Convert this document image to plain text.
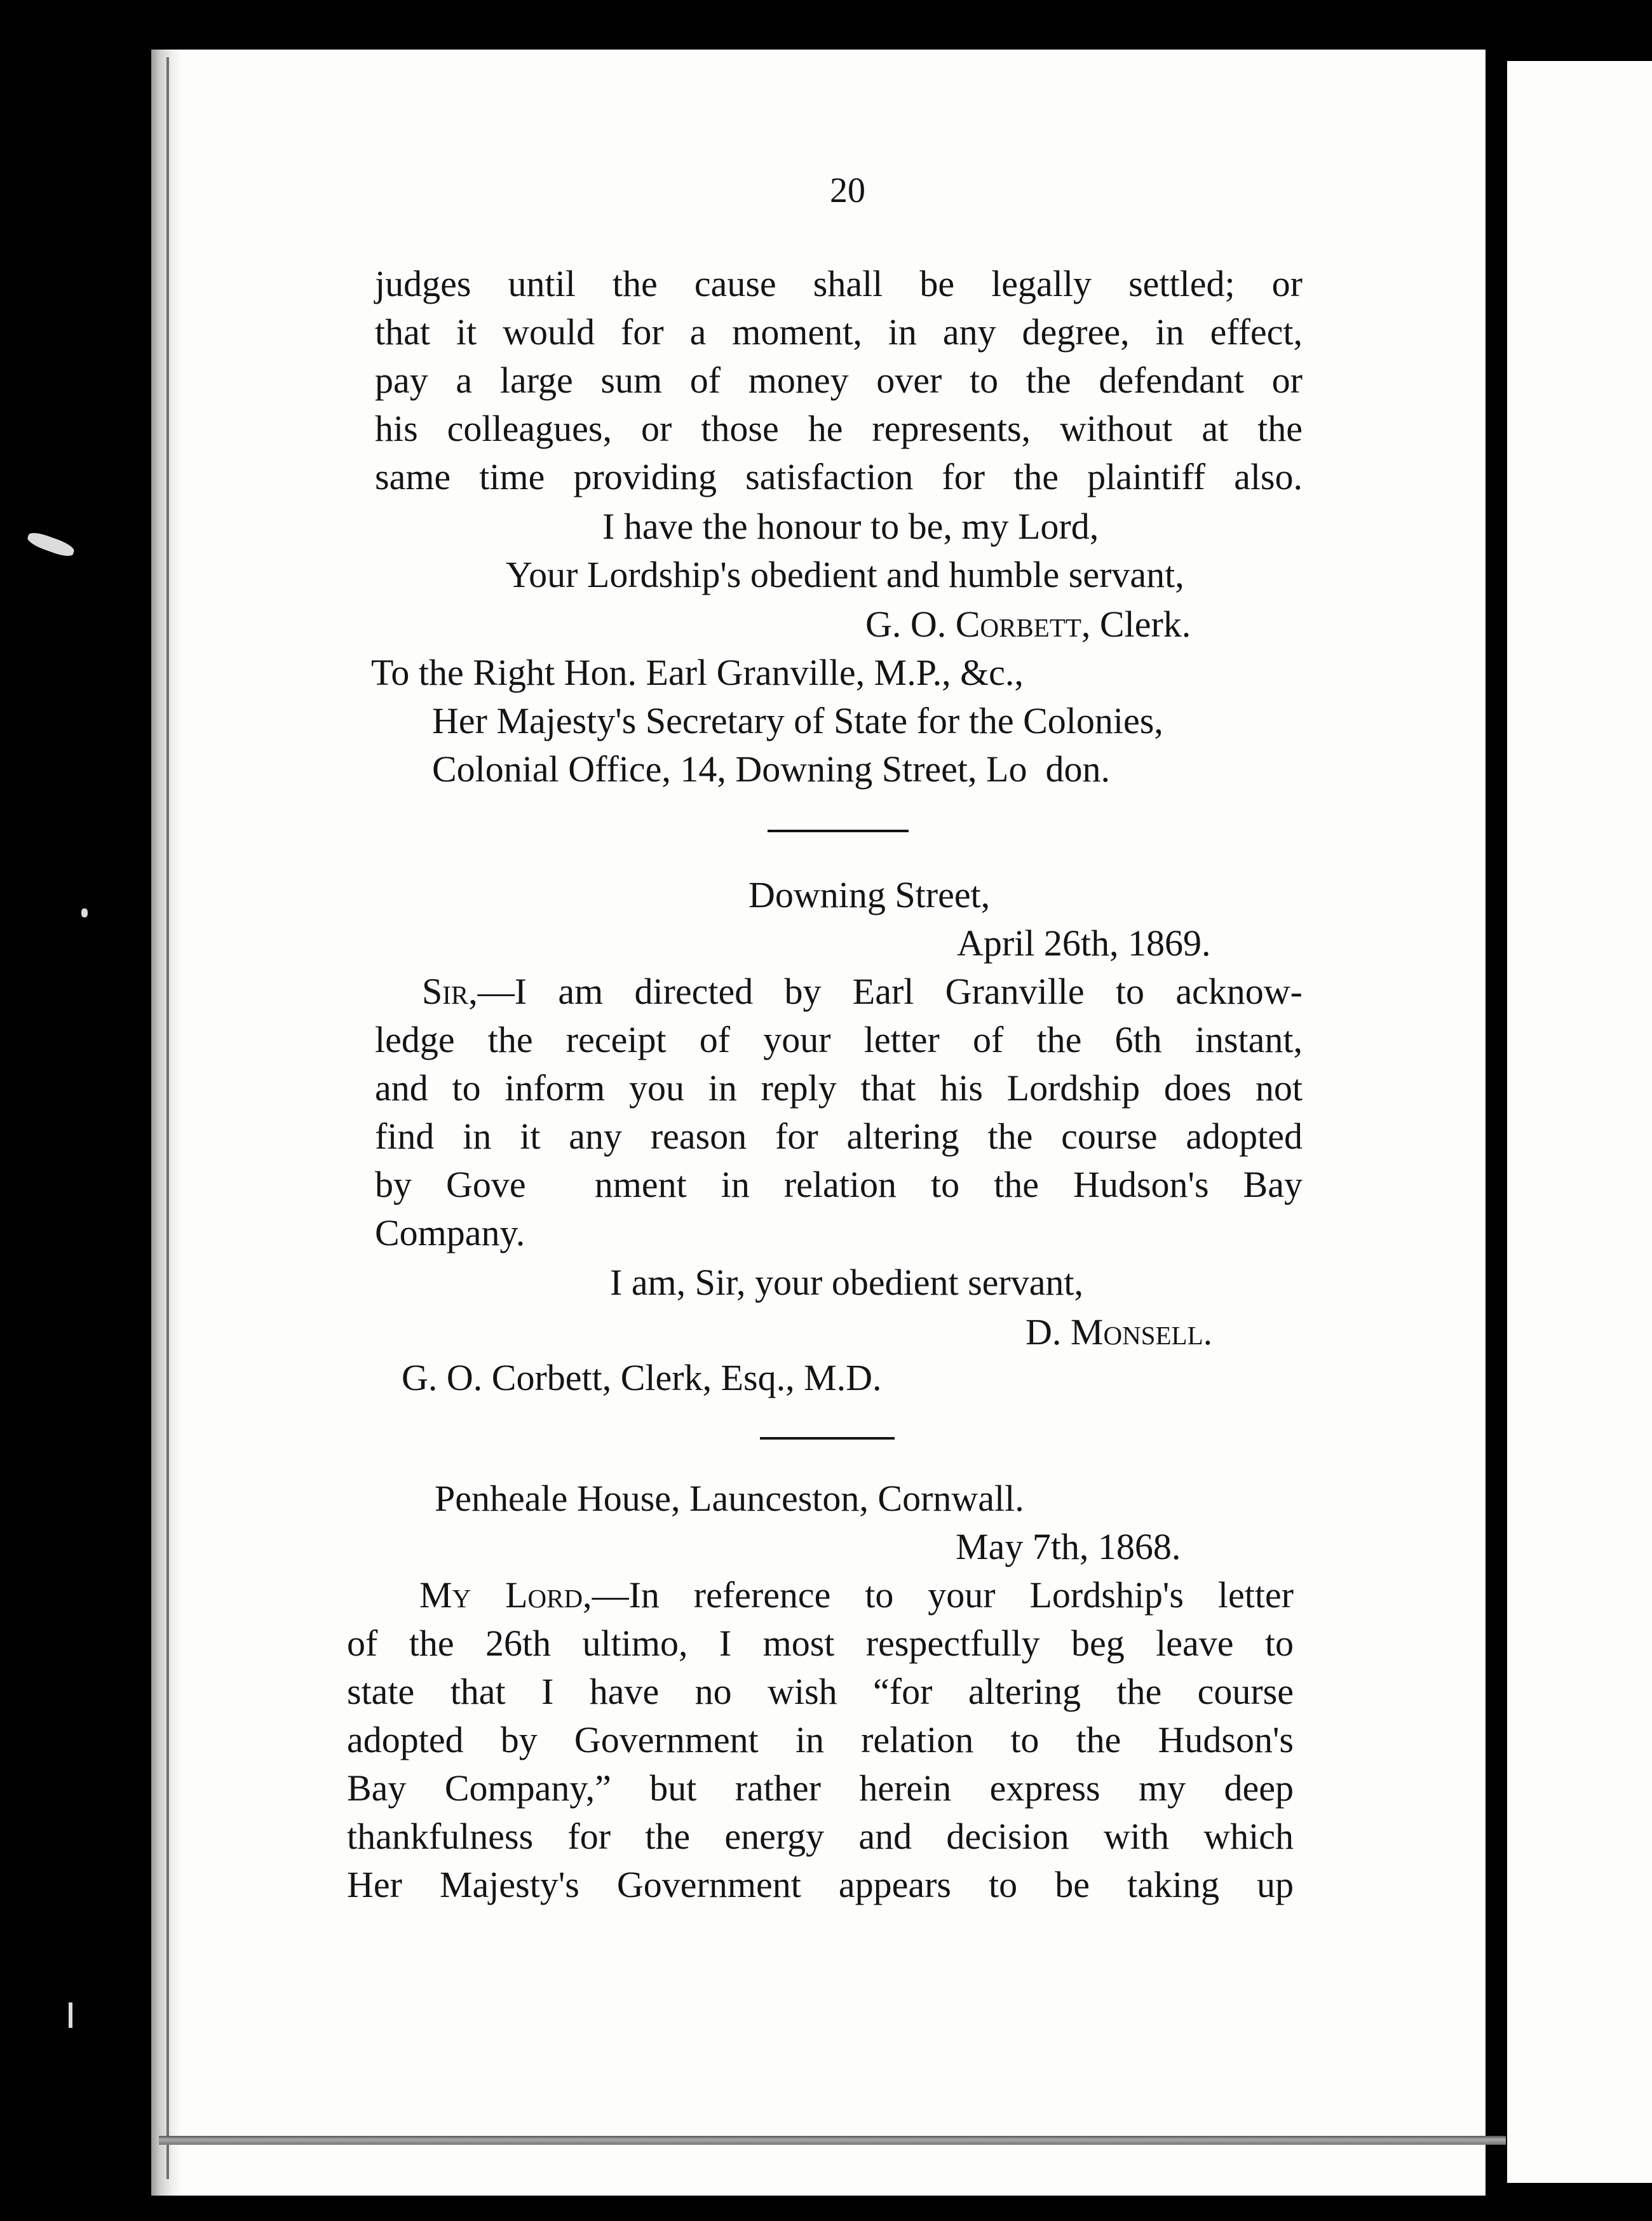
20
judges until the cause shall be legally settled; or
that it would for a moment, in any degree, in effect,
pay a large sum of money over to the defendant or
his colleagues, or those he represents, without at the
same time providing satisfaction for the plaintiff also.
I have the honour to be, my Lord,
Your Lordship's obedient and humble servant,
G. O. Corbett, Clerk.
To the Right Hon. Earl Granville, M.P., &c.,
Her Majesty's Secretary of State for the Colonies,
Colonial Office, 14, Downing Street, Lo  don.
Downing Street,
April 26th, 1869.
Sir,—I am directed by Earl Granville to acknow-
ledge the receipt of your letter of the 6th instant,
and to inform you in reply that his Lordship does not
find in it any reason for altering the course adopted
by Gove  nment in relation to the Hudson's Bay
Company.
I am, Sir, your obedient servant,
D. Monsell.
G. O. Corbett, Clerk, Esq., M.D.
Penheale House, Launceston, Cornwall.
May 7th, 1868.
My Lord,—In reference to your Lordship's letter
of the 26th ultimo, I most respectfully beg leave to
state that I have no wish “for altering the course
adopted by Government in relation to the Hudson's
Bay Company,” but rather herein express my deep
thankfulness for the energy and decision with which
Her Majesty's Government appears to be taking up
